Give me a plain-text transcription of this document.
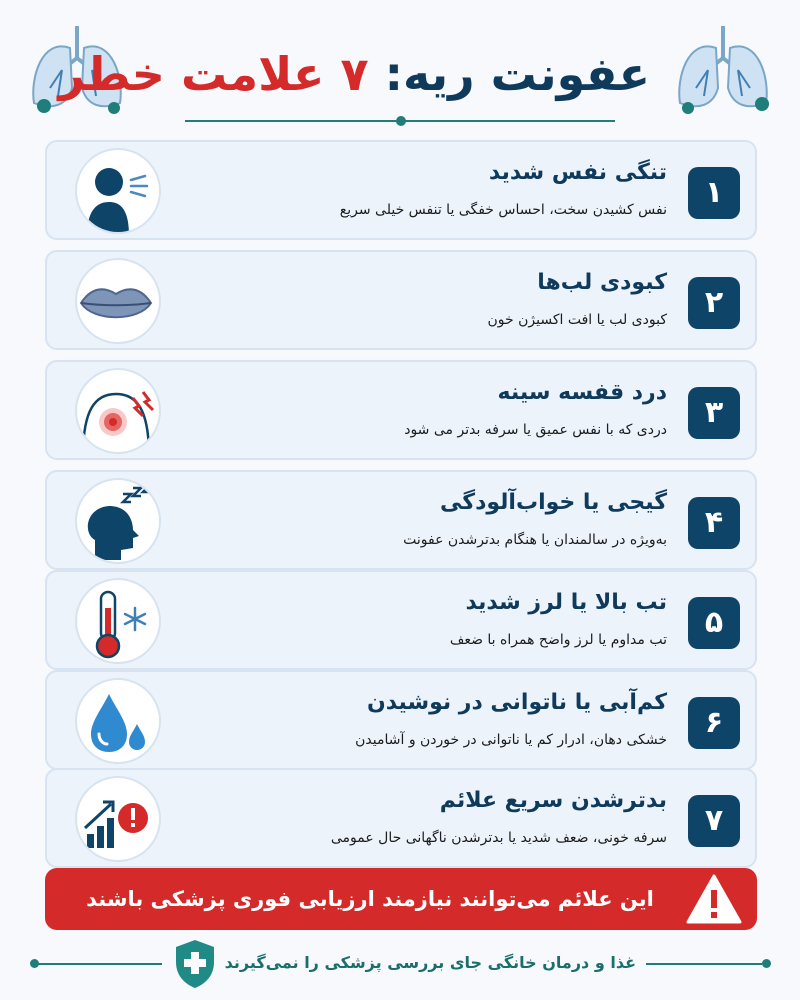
عفونت ریه: ۷ علامت خطر
۱
تنگی نفس شدید
نفس کشیدن سخت، احساس خفگی یا تنفس خیلی سریع
۲
کبودی لب‌ها
کبودی لب یا افت اکسیژن خون
۳
درد قفسه سینه
دردی که با نفس عمیق یا سرفه بدتر می شود
۴
گیجی یا خواب‌آلودگی
به‌ویژه در سالمندان یا هنگام بدترشدن عفونت
۵
تب بالا یا لرز شدید
تب مداوم یا لرز واضح همراه با ضعف
۶
کم‌آبی یا ناتوانی در نوشیدن
خشکی دهان، ادرار کم یا ناتوانی در خوردن و آشامیدن
۷
بدترشدن سریع علائم
سرفه خونی، ضعف شدید یا بدترشدن ناگهانی حال عمومی
این علائم می‌توانند نیازمند ارزیابی فوری پزشکی باشند
غذا و درمان خانگی جای بررسی پزشکی را نمی‌گیرند
